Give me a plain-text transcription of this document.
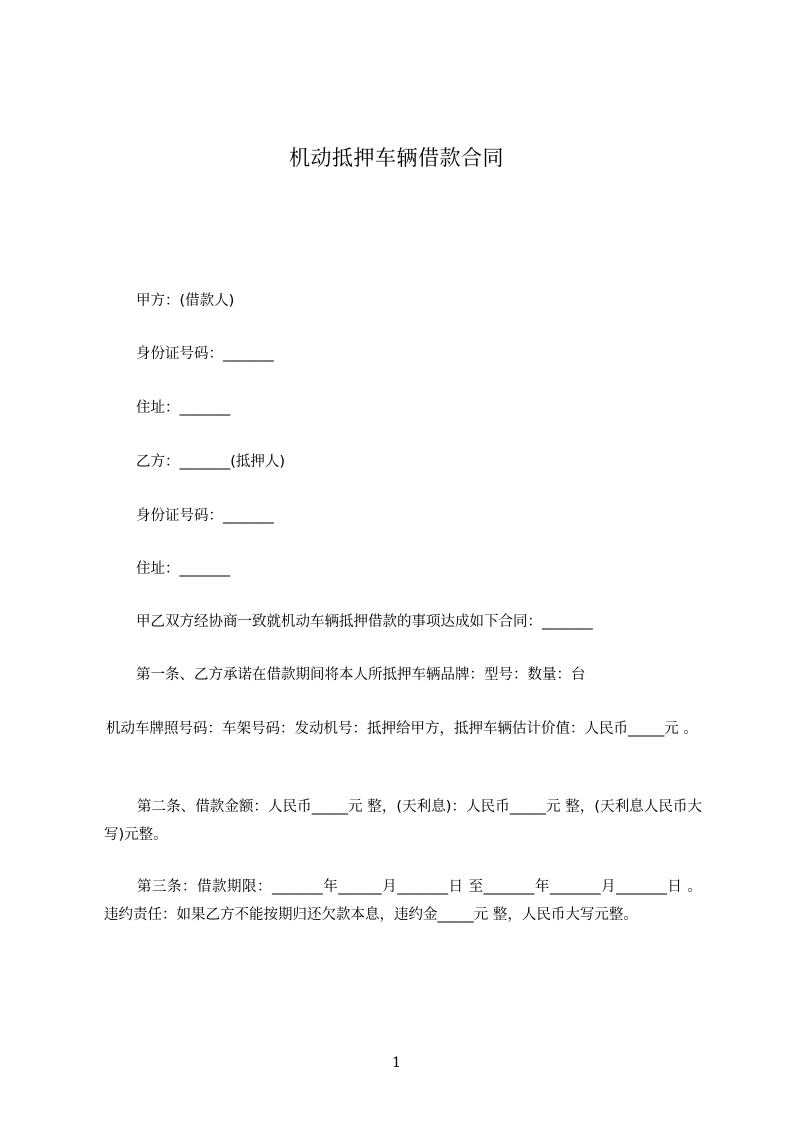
机动抵押车辆借款合同
甲方：(借款人)
身份证号码：_______
住址：_______
乙方：_______(抵押人)
身份证号码：_______
住址：_______
甲乙双方经协商一致就机动车辆抵押借款的事项达成如下合同：_______
第一条、乙方承诺在借款期间将本人所抵押车辆品牌：型号：数量：台
机动车牌照号码：车架号码：发动机号：抵押给甲方，抵押车辆估计价值：人民币_____元 。
第二条、借款金额：人民币_____元 整，(天利息)：人民币_____元 整，(天利息人民币大写)元整。
第三条：借款期限：_______年______月_______日 至_______年_______月_______日 。违约责任：如果乙方不能按期归还欠款本息，违约金_____元 整，人民币大写元整。
1
